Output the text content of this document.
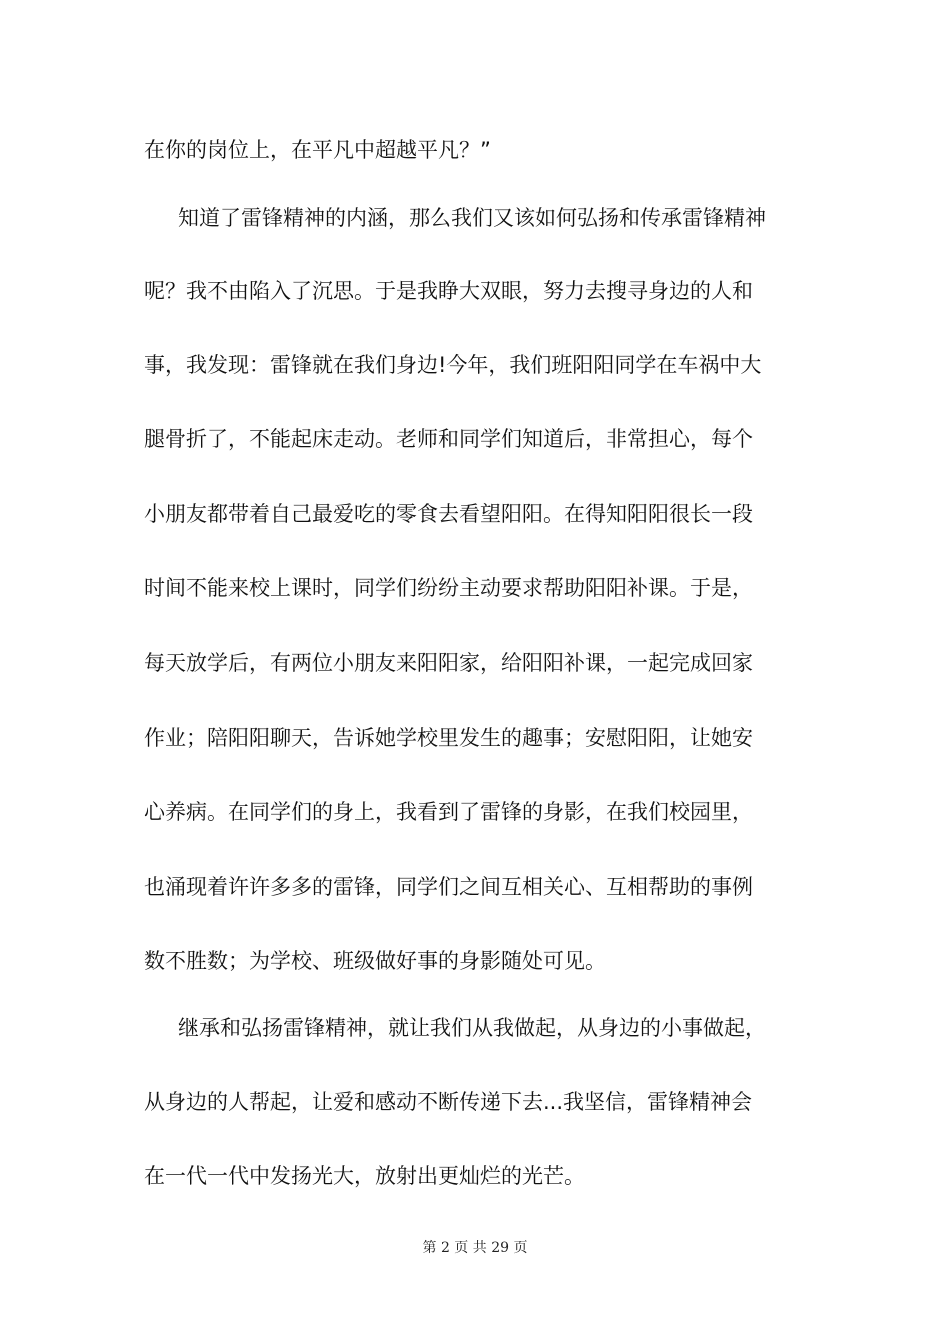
在你的岗位上，在平凡中超越平凡？”
知道了雷锋精神的内涵，那么我们又该如何弘扬和传承雷锋精神
呢？我不由陷入了沉思。于是我睁大双眼，努力去搜寻身边的人和
事，我发现：雷锋就在我们身边!今年，我们班阳阳同学在车祸中大
腿骨折了，不能起床走动。老师和同学们知道后，非常担心，每个
小朋友都带着自己最爱吃的零食去看望阳阳。在得知阳阳很长一段
时间不能来校上课时，同学们纷纷主动要求帮助阳阳补课。于是，
每天放学后，有两位小朋友来阳阳家，给阳阳补课，一起完成回家
作业；陪阳阳聊天，告诉她学校里发生的趣事；安慰阳阳，让她安
心养病。在同学们的身上，我看到了雷锋的身影，在我们校园里，
也涌现着许许多多的雷锋，同学们之间互相关心、互相帮助的事例
数不胜数；为学校、班级做好事的身影随处可见。
继承和弘扬雷锋精神，就让我们从我做起，从身边的小事做起，
从身边的人帮起，让爱和感动不断传递下去...我坚信，雷锋精神会
在一代一代中发扬光大，放射出更灿烂的光芒。
第 2 页 共 29 页
